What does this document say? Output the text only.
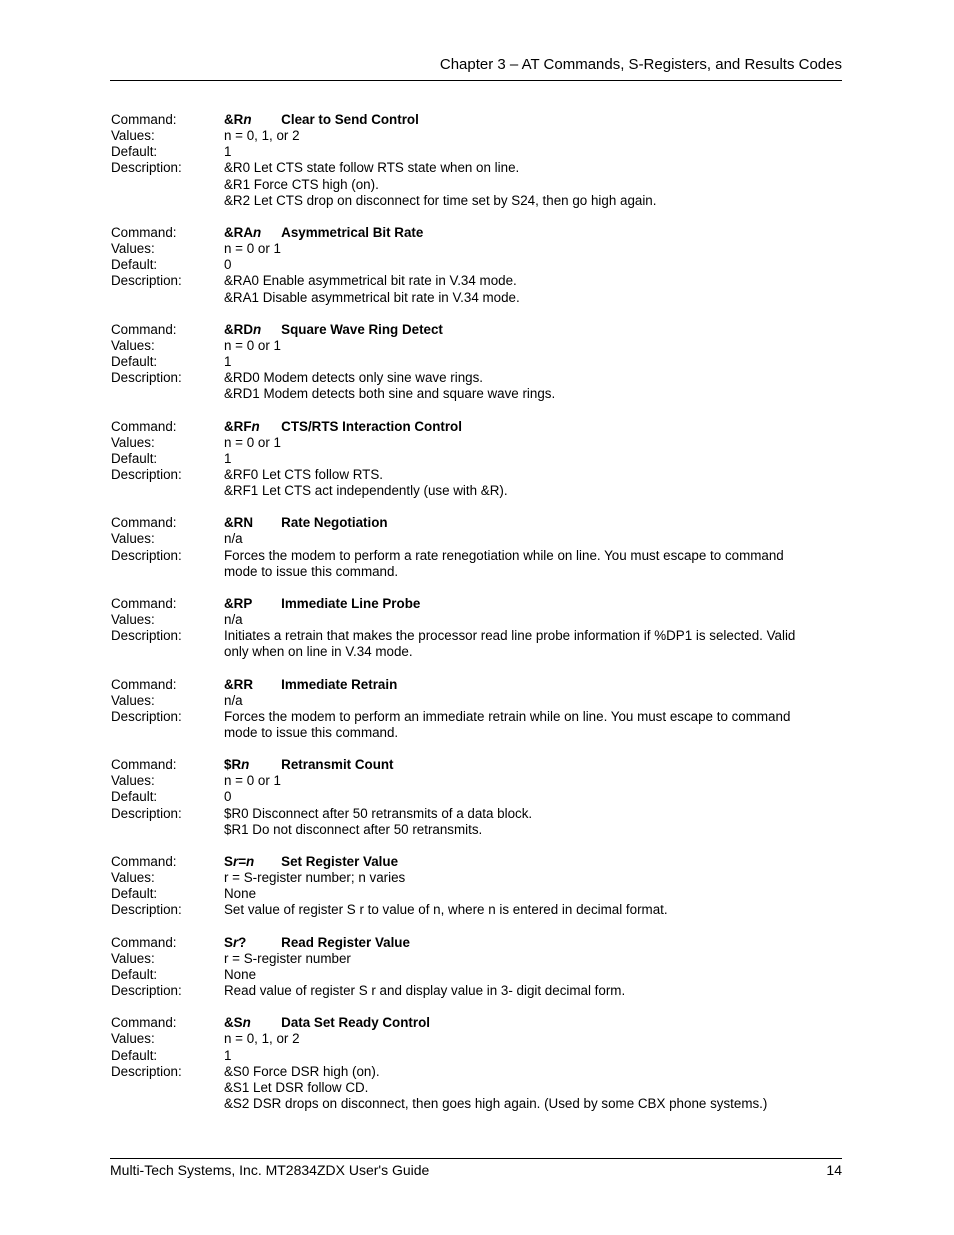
Chapter 3 – AT Commands, S-Registers, and Results Codes
Command:	&Rn Clear to Send Control
Values:	n = 0, 1, or 2
Default:	1
Description:	&R0 Let CTS state follow RTS state when on line.
&R1 Force CTS high (on).
&R2 Let CTS drop on disconnect for time set by S24, then go high again.
Command:	&RAn Asymmetrical Bit Rate
Values:	n = 0 or 1
Default:	0
Description:	&RA0 Enable asymmetrical bit rate in V.34 mode.
&RA1 Disable asymmetrical bit rate in V.34 mode.
Command:	&RDn Square Wave Ring Detect
Values:	n = 0 or 1
Default:	1
Description:	&RD0 Modem detects only sine wave rings.
&RD1 Modem detects both sine and square wave rings.
Command:	&RFn CTS/RTS Interaction Control
Values:	n = 0 or 1
Default:	1
Description:	&RF0 Let CTS follow RTS.
&RF1 Let CTS act independently (use with &R).
Command:	&RN Rate Negotiation
Values:	n/a
Description:	Forces the modem to perform a rate renegotiation while on line. You must escape to command
mode to issue this command.
Command:	&RP Immediate Line Probe
Values:	n/a
Description:	Initiates a retrain that makes the processor read line probe information if %DP1 is selected. Valid
only when on line in V.34 mode.
Command:	&RR Immediate Retrain
Values:	n/a
Description:	Forces the modem to perform an immediate retrain while on line. You must escape to command
mode to issue this command.
Command:	$Rn Retransmit Count
Values:	n = 0 or 1
Default:	0
Description:	$R0 Disconnect after 50 retransmits of a data block.
$R1 Do not disconnect after 50 retransmits.
Command:	Sr=n Set Register Value
Values:	r = S-register number; n varies
Default:	None
Description:	Set value of register S r to value of n, where n is entered in decimal format.
Command:	Sr?	Read Register Value
Values:	r = S-register number
Default:	None
Description:	Read value of register S r and display value in 3- digit decimal form.
Command:	&Sn Data Set Ready Control
Values:	n = 0, 1, or 2
Default:	1
Description:	&S0 Force DSR high (on).
&S1 Let DSR follow CD.
&S2 DSR drops on disconnect, then goes high again. (Used by some CBX phone systems.)
Multi-Tech Systems, Inc. MT2834ZDX User's Guide	14
